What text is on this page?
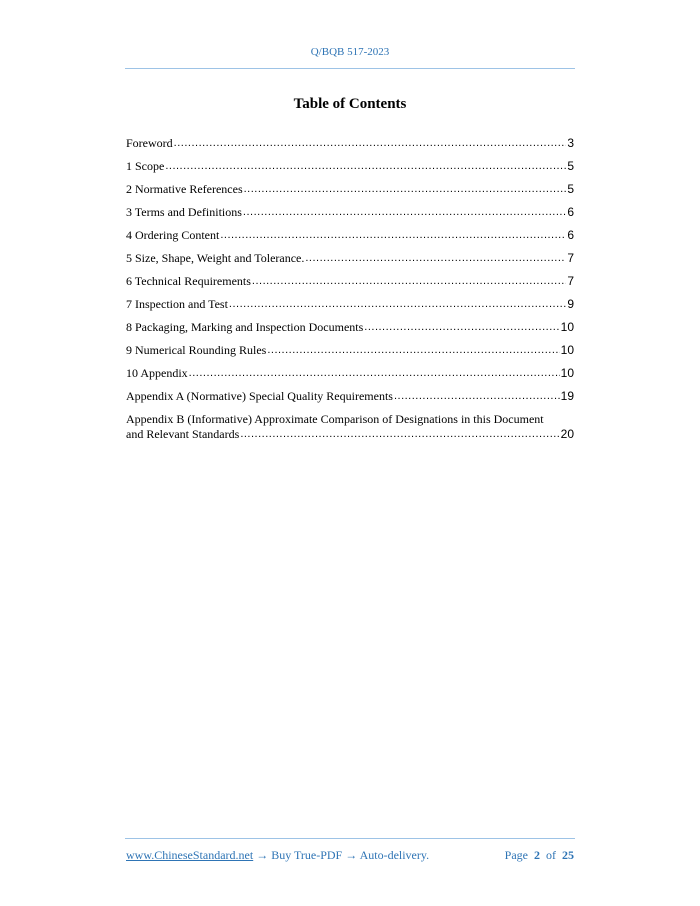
Q/BQB 517-2023
Table of Contents
Foreword .....	3
1 Scope .....	5
2 Normative References .....	5
3 Terms and Definitions .....	6
4 Ordering Content .....	6
5 Size, Shape, Weight and Tolerance. .....	7
6 Technical Requirements .....	7
7 Inspection and Test .....	9
8 Packaging, Marking and Inspection Documents .....	10
9 Numerical Rounding Rules .....	10
10 Appendix .....	10
Appendix A (Normative) Special Quality Requirements .....	19
Appendix B (Informative) Approximate Comparison of Designations in this Document
and Relevant Standards .....	20
www.ChineseStandard.net → Buy True-PDF → Auto-delivery.	Page 2 of 25
